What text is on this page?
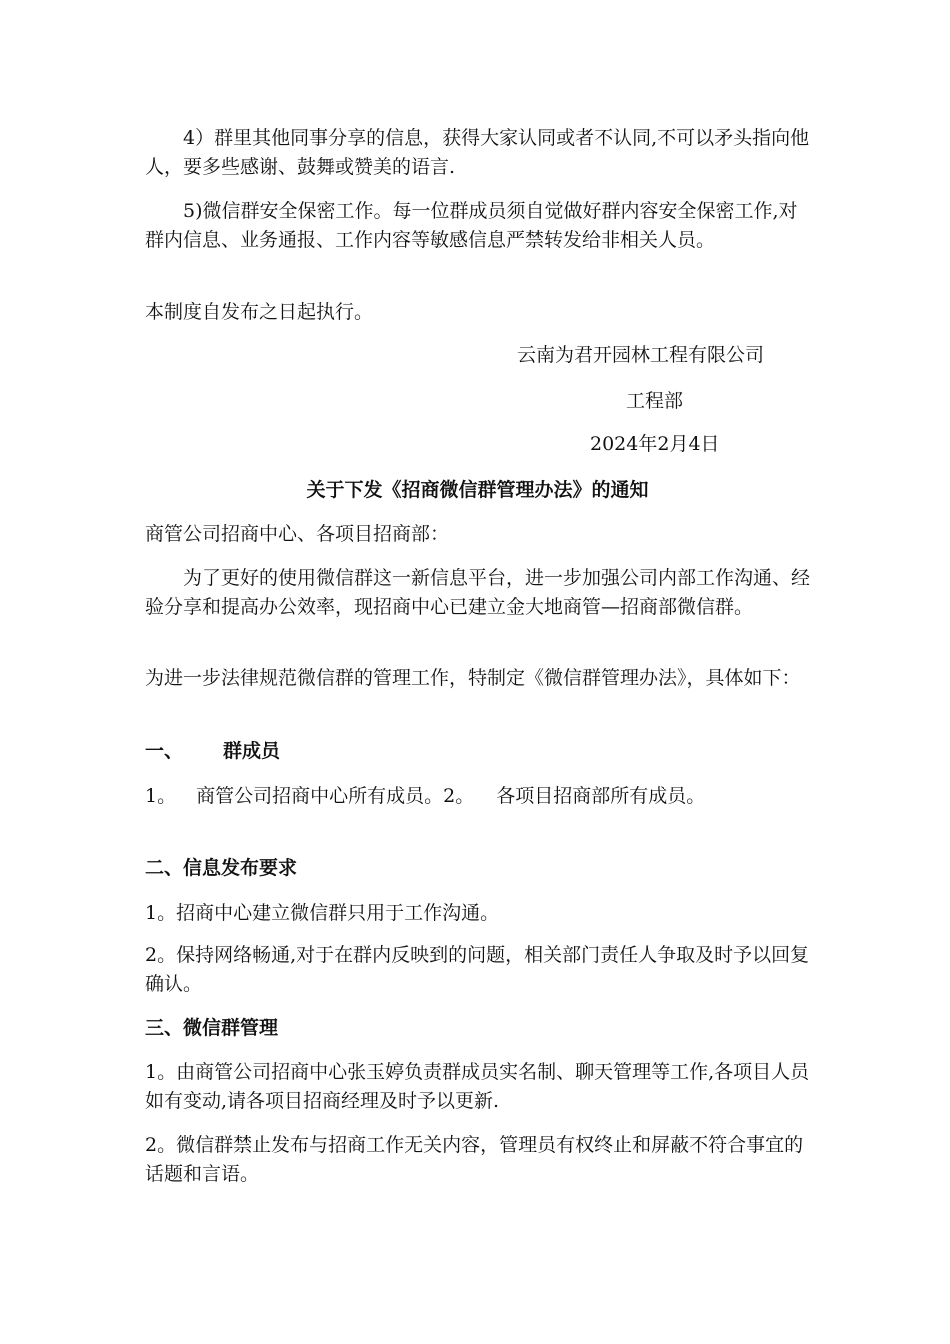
4）群里其他同事分享的信息，获得大家认同或者不认同,不可以矛头指向他人，要多些感谢、鼓舞或赞美的语言.

5)微信群安全保密工作。每一位群成员须自觉做好群内容安全保密工作,对群内信息、业务通报、工作内容等敏感信息严禁转发给非相关人员。

本制度自发布之日起执行。

云南为君开园林工程有限公司
工程部
2024年2月4日
关于下发《招商微信群管理办法》的通知

商管公司招商中心、各项目招商部：

为了更好的使用微信群这一新信息平台，进一步加强公司内部工作沟通、经验分享和提高办公效率，现招商中心已建立金大地商管—招商部微信群。

为进一步法律规范微信群的管理工作，特制定《微信群管理办法》，具体如下：

一、 群成员

1。 商管公司招商中心所有成员。2。 各项目招商部所有成员。

二、信息发布要求

1。招商中心建立微信群只用于工作沟通。

2。保持网络畅通,对于在群内反映到的问题，相关部门责任人争取及时予以回复确认。

三、微信群管理

1。由商管公司招商中心张玉婷负责群成员实名制、聊天管理等工作,各项目人员如有变动,请各项目招商经理及时予以更新.

2。微信群禁止发布与招商工作无关内容，管理员有权终止和屏蔽不符合事宜的话题和言语。
